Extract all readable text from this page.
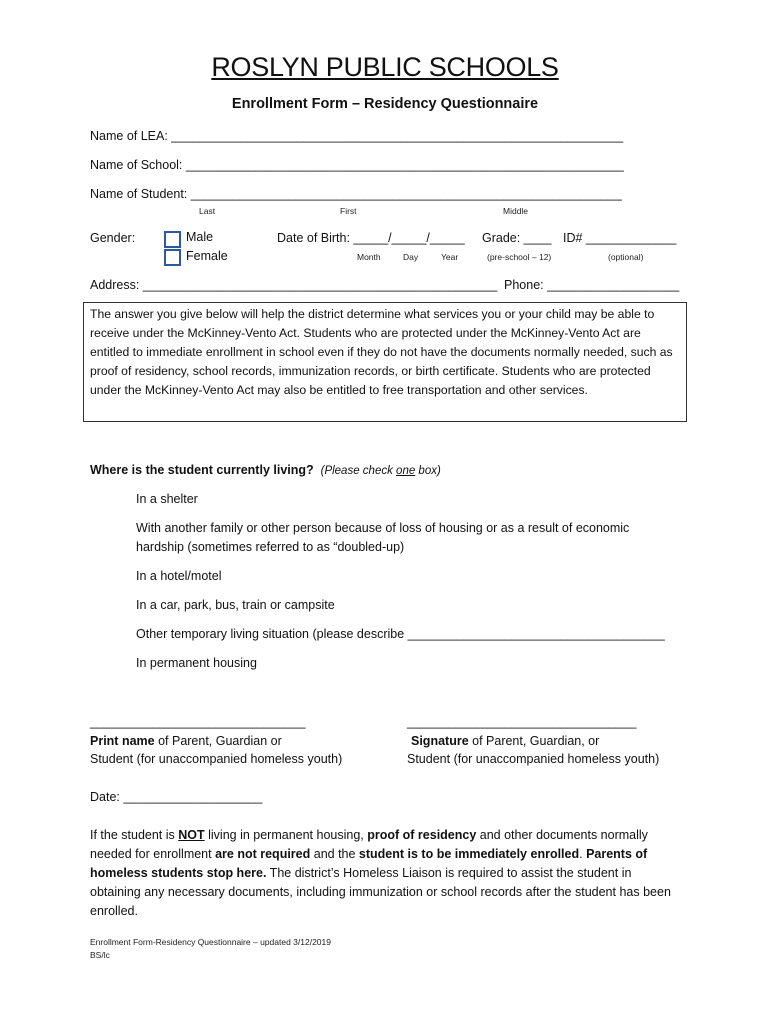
ROSLYN PUBLIC SCHOOLS
Enrollment Form – Residency Questionnaire
Name of LEA: _________________________________________________________________
Name of School: _______________________________________________________________
Name of Student: ______________________________________________________________
Last	First	Middle
Gender:	Male
Female
Date of Birth: _____/_____/_____
Month	Day	Year
Grade: ____
(pre-school – 12)
ID# _____________
(optional)
Address: ___________________________________________________ Phone: ___________________

The answer you give below will help the district determine what services you or your child may be able to receive under the McKinney-Vento Act. Students who are protected under the McKinney-Vento Act are entitled to immediate enrollment in school even if they do not have the documents normally needed, such as proof of residency, school records, immunization records, or birth certificate. Students who are protected under the McKinney-Vento Act may also be entitled to free transportation and other services.

Where is the student currently living? (Please check one box)
In a shelter
With another family or other person because of loss of housing or as a result of economic
hardship (sometimes referred to as “doubled-up)
In a hotel/motel
In a car, park, bus, train or campsite
Other temporary living situation (please describe _____________________________________
In permanent housing
_______________________________	_________________________________
Print name of Parent, Guardian or
Student (for unaccompanied homeless youth)
Signature of Parent, Guardian, or
Student (for unaccompanied homeless youth)
Date: ____________________
If the student is NOT living in permanent housing, proof of residency and other documents normally needed for enrollment are not required and the student is to be immediately enrolled. Parents of homeless students stop here. The district’s Homeless Liaison is required to assist the student in obtaining any necessary documents, including immunization or school records after the student has been enrolled.
Enrollment Form-Residency Questionnaire – updated 3/12/2019
BS/lc
